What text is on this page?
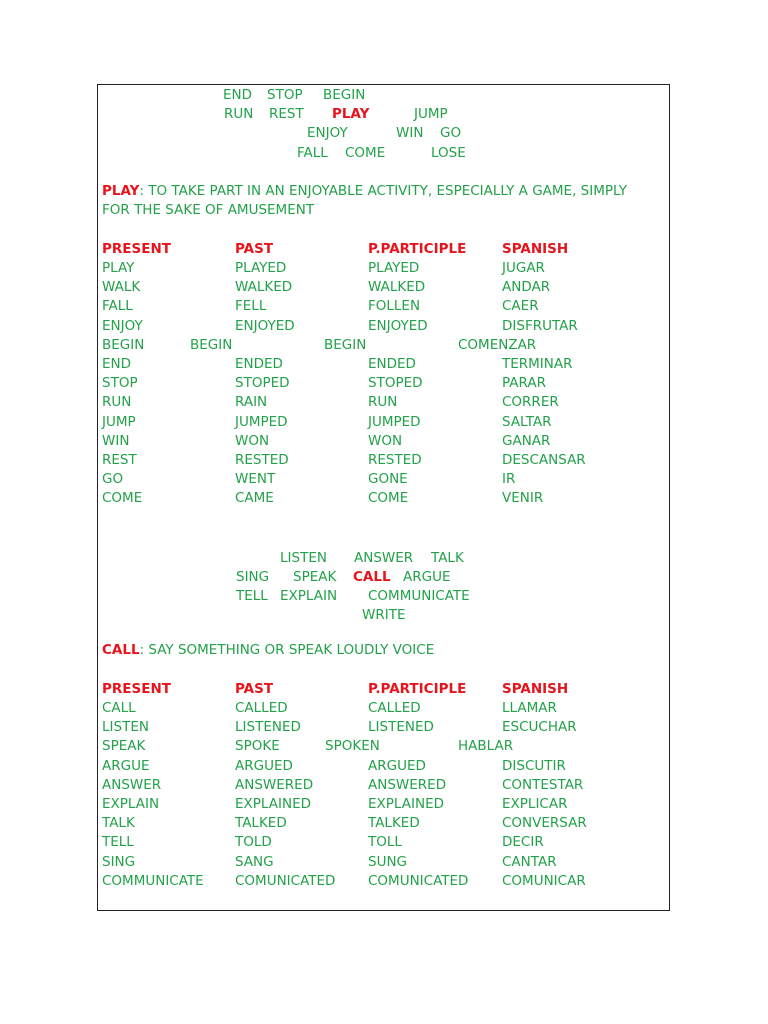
END STOP BEGIN
RUN REST PLAY	JUMP
ENJOY	WIN GO
FALL COME	LOSE
PLAY: TO TAKE PART IN AN ENJOYABLE ACTIVITY, ESPECIALLY A GAME, SIMPLY
FOR THE SAKE OF AMUSEMENT
PRESENT	PAST	P.PARTICIPLE	SPANISH
PLAY	PLAYED	PLAYED	JUGAR
WALK	WALKED	WALKED	ANDAR
FALL	FELL	FOLLEN	CAER
ENJOY	ENJOYED	ENJOYED	DISFRUTAR
BEGIN	BEGIN	BEGIN	COMENZAR
END	ENDED	ENDED	TERMINAR
STOP	STOPED	STOPED	PARAR
RUN	RAIN	RUN	CORRER
JUMP	JUMPED	JUMPED	SALTAR
WIN	WON	WON	GANAR
REST	RESTED	RESTED	DESCANSAR
GO	WENT	GONE	IR
COME	CAME	COME	VENIR
LISTEN ANSWER TALK
SING SPEAK CALL ARGUE
TELL EXPLAIN COMMUNICATE
WRITE
CALL: SAY SOMETHING OR SPEAK LOUDLY VOICE
PRESENT	PAST	P.PARTICIPLE	SPANISH
CALL	CALLED	CALLED	LLAMAR
LISTEN	LISTENED	LISTENED	ESCUCHAR
SPEAK	SPOKE	SPOKEN	HABLAR
ARGUE	ARGUED	ARGUED	DISCUTIR
ANSWER	ANSWERED	ANSWERED	CONTESTAR
EXPLAIN	EXPLAINED	EXPLAINED	EXPLICAR
TALK	TALKED	TALKED	CONVERSAR
TELL	TOLD	TOLL	DECIR
SING	SANG	SUNG	CANTAR
COMMUNICATE COMUNICATED COMUNICATED COMUNICAR
